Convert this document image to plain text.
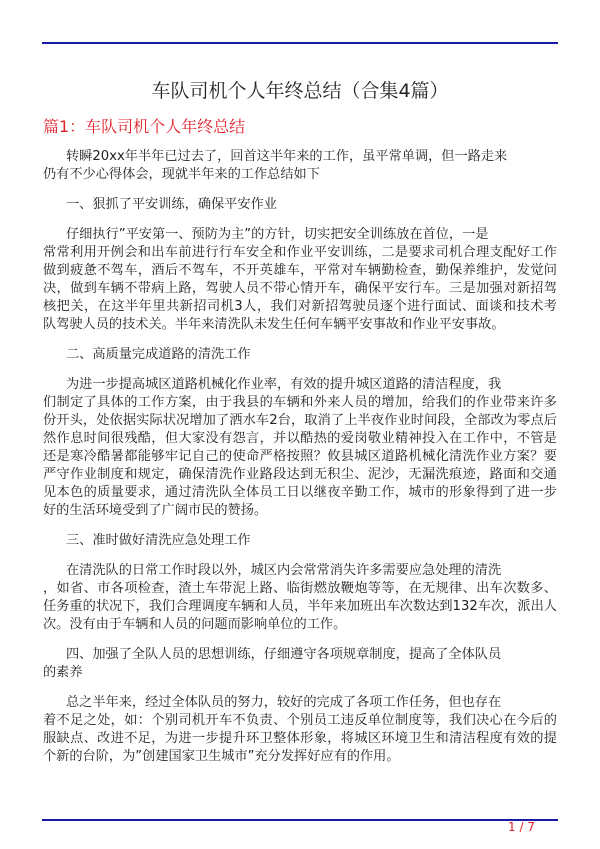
车队司机个人年终总结（合集4篇）
篇1：车队司机个人年终总结
转瞬20xx年半年已过去了，回首这半年来的工作，虽平常单调，但一路走来
仍有不少心得体会，现就半年来的工作总结如下
一、狠抓了平安训练，确保平安作业
仔细执行”平安第一、预防为主”的方针，切实把安全训练放在首位，一是
常常利用开例会和出车前进行行车安全和作业平安训练，二是要求司机合理支配好工作
做到疲惫不驾车，酒后不驾车，不开英雄车，平常对车辆勤检查，勤保养维护，发觉问
决，做到车辆不带病上路，驾驶人员不带心情开车，确保平安行车。三是加强对新招驾
核把关，在这半年里共新招司机3人，我们对新招驾驶员逐个进行面试、面谈和技术考
队驾驶人员的技术关。半年来清洗队未发生任何车辆平安事故和作业平安事故。
二、高质量完成道路的清洗工作
为进一步提高城区道路机械化作业率，有效的提升城区道路的清洁程度，我
们制定了具体的工作方案，由于我县的车辆和外来人员的增加，给我们的作业带来许多
份开头，处依据实际状况增加了洒水车2台，取消了上半夜作业时间段，全部改为零点后
然作息时间很残酷，但大家没有怨言，并以酷热的爱岗敬业精神投入在工作中，不管是
还是寒冷酷暑都能够牢记自己的使命严格按照？攸县城区道路机械化清洗作业方案？要
严守作业制度和规定，确保清洗作业路段达到无积尘、泥沙，无漏洗痕迹，路面和交通
见本色的质量要求，通过清洗队全体员工日以继夜辛勤工作，城市的形象得到了进一步
好的生活环境受到了广阔市民的赞扬。
三、准时做好清洗应急处理工作
在清洗队的日常工作时段以外，城区内会常常消失许多需要应急处理的清洗
，如省、市各项检查，渣土车带泥上路、临街燃放鞭炮等等，在无规律、出车次数多、
任务重的状况下，我们合理调度车辆和人员，半年来加班出车次数达到132车次，派出人
次。没有由于车辆和人员的问题而影响单位的工作。
四、加强了全队人员的思想训练，仔细遵守各项规章制度，提高了全体队员
的素养
总之半年来，经过全体队员的努力，较好的完成了各项工作任务，但也存在
着不足之处，如：个别司机开车不负责、个别员工违反单位制度等，我们决心在今后的
服缺点、改进不足，为进一步提升环卫整体形象，将城区环境卫生和清洁程度有效的提
个新的台阶，为”创建国家卫生城市”充分发挥好应有的作用。
1 / 7
